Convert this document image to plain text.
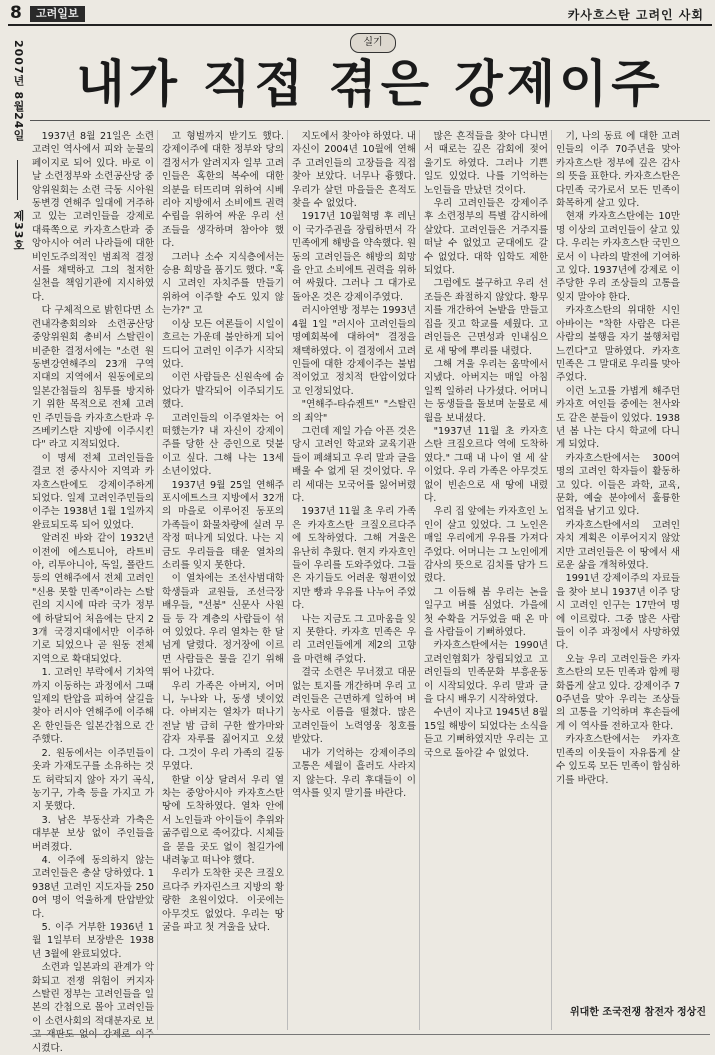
8	고려일보	카사흐스탄 고려인 사회
2007년 8월24일
제33호
실기
내가 직접 겪은 강제이주

1937년 8월 21일은 소련 고려인 역사에서 피와 눈물의 페이지로 되어 있다. 바로 이날 소련정부와 소련공산당 중앙위원회는 소련 극동 시아원동변경 연해주 일대에 거주하고 있는 고려인들을 강제로 대륙쪽으로 카자흐스탄과 중앙아시아 여러 나라들에 대한 비인도주의적인 범죄적 결정서를 채택하고 그의 철저한 실천을 책임기관에 지시하였다.

다 구체적으로 밝힌다면 소련내각총회의와 소련공산당 중앙위원회 총비서 스탈린이 비준한 결정서에는 "소련 원동변강연해주의 23개 구역 지대의 지역에서 원동에로의 일본간첩들의 침투를 방지하기 위한 목적으로 전체 고려인 주민들을 카자흐스탄과 우즈베키스탄 지방에 이주시킨다" 라고 지적되었다.

이 명세 전체 고려인들을 결코 전 중사시아 지역과 카자흐스탄에도 강제이주하게 되었다. 일제 고려인주민들의 이주는 1938년 1월 1일까지 완료되도록 되어 있었다.

알려진 바와 같이 1932년 이전에 에스토니아, 라트비아, 리투아니아, 독일, 폴란드 등의 연해주에서 전체 고려인 "신용 못할 민족"이라는 스탈린의 지시에 따라 국가 정부에 하달되어 처음에는 단지 23개 국경지대에서만 이주하기로 되었으나 곧 원동 전체 지역으로 확대되었다.

1. 고려인 부락에서 기차역까지 이동하는 과정에서 그때 일제의 탄압을 피하여 살길을 찾아 러시아 연해주에 이주해 온 한인들은 일본간첩으로 간주했다.

2. 원동에서는 이주민들이 옷과 가재도구를 소유하는 것도 허락되지 않아 자기 곡식, 농기구, 가축 등을 가지고 가지 못했다.

3. 남은 부동산과 가축은 대부분 보상 없이 주인들을 버려졌다.

4. 이주에 동의하지 않는 고려인들은 총살 당하였다. 1938년 고려인 지도자들 2500여 명이 억울하게 탄압받았다.

5. 이주 거부한 1936년 1월 1일부터 보장받은 1938년 3월에 완료되었다.

소련과 일본과의 관계가 악화되고 전쟁 위험이 커지자 스탈린 정부는 고려인들을 일본의 간첩으로 몰아 고려인들이 소련사회의 적대분자로 보 시켰다.

고 형벌까지 받기도 했다. 강제이주에 대한 정부와 당의 결정서가 알려지자 일부 고려인들은 혹한의 복수에 대한 의분을 터뜨리며 위하여 시베리아 지방에서 소비에트 권력 수립을 위하여 싸운 우리 선조들을 생각하며 참아야 했다.

그러나 소수 지식층에서는 승용 희망을 품기도 했다. "혹시 고려인 자치주를 만들기 위하여 이주할 수도 있지 않는가?" 고

이상 모든 여론들이 시일이 흐르는 가운데 불안하게 되어 드디어 고려인 이주가 시작되었다.

이런 사람들은 신원속에 숨었다가 발각되어 이주되기도 했다.

고려인들의 이주열차는 어떠했는가? 내 자신이 강제이주를 당한 산 증인으로 덧붙이고 싶다. 그해 나는 13세 소년이었다.

1937년 9월 25일 연해주 포시에트스크 지방에서 32개의 마을로 이루어진 동포의 가족들이 화물차량에 실려 무작정 떠나게 되었다. 나는 지금도 우리들을 태운 열차의 소리를 잊지 못한다.

이 열차에는 조선사범대학 학생들과 교원들, 조선극장 배우들, "선봉" 신문사 사원들 등 각 계층의 사람들이 섞여 있었다. 우리 열차는 한 달 넘게 달렸다. 정거장에 이르면 사람들은 물을 긷기 위해 뛰어 나갔다.

우리 가족은 아버지, 어머니, 누나와 나, 동생 넷이었다. 아버지는 열차가 떠나기 전날 밤 급히 구한 쌀가마와 감자 자루를 짊어지고 오셨다. 그것이 우리 가족의 길동무였다.

한달 이상 달려서 우리 열차는 중앙아시아 카자흐스탄 땅에 도착하였다. 열차 안에서 노인들과 아이들이 추위와 굶주림으로 죽어갔다. 시체들을 묻을 곳도 없이 철길가에 내려놓고 떠나야 했다.

우리가 도착한 곳은 크질오르다주 카자린스크 지방의 황량한 초원이었다. 이곳에는 아무것도 없었다. 우리는 땅굴을 파고 첫 겨울을 났다.

지도에서 찾아야 하였다. 내 자신이 2004년 10월에 연해주 고려인들의 고장들을 직접 찾아 보았다. 너무나 흉했다. 우리가 살던 마을들은 흔적도 찾을 수 없었다.

1917년 10월혁명 후 레닌이 국가주권을 장립하면서 각 민족에게 해방을 약속했다. 원동의 고려인들은 해방의 희망을 안고 소비에트 권력을 위하여 싸웠다. 그러나 그 대가로 돌아온 것은 강제이주였다.

러시아연방 정부는 1993년 4월 1일 "러시아 고려인들의 명예회복에 대하여" 결정을 채택하였다. 이 결정에서 고려인들에 대한 강제이주는 불법적이었고 정치적 탄압이었다고 인정되었다.

"연해주-타슈켄트" "스탈린의 죄악"

그런데 제일 가슴 아픈 것은 당시 고려인 학교와 교육기관들이 폐쇄되고 우리 말과 글을 배울 수 없게 된 것이었다. 우리 세대는 모국어를 잃어버렸다.

1937년 11월 초 우리 가족은 카자흐스탄 크질오르다주에 도착하였다. 그해 겨울은 유난히 추웠다. 현지 카자흐인들이 우리를 도와주었다. 그들은 자기들도 어려운 형편이었지만 빵과 우유를 나누어 주었다.

나는 지금도 그 고마움을 잊지 못한다. 카자흐 민족은 우리 고려인들에게 제2의 고향을 마련해 주었다.

결국 소련은 무너졌고 대문 없는 토지를 개간하며 우리 고려인들은 근면하게 일하여 벼농사로 이름을 떨쳤다. 많은 고려인들이 노력영웅 칭호를 받았다.

내가 기억하는 강제이주의 고통은 세월이 흘러도 사라지지 않는다. 우리 후대들이 이 역사를 잊지 말기를 바란다.

많은 흔적들을 찾아 다니면서 때로는 깊은 감회에 젖어 울기도 하였다. 그러나 기쁜 일도 있었다. 나를 기억하는 노인들을 만났던 것이다.

우리 고려인들은 강제이주 후 소련정부의 특별 감시하에 살았다. 고려인들은 거주지를 떠날 수 없었고 군대에도 갈 수 없었다. 대학 입학도 제한되었다.

그럼에도 불구하고 우리 선조들은 좌절하지 않았다. 황무지를 개간하여 논밭을 만들고 집을 짓고 학교를 세웠다. 고려인들은 근면성과 인내심으로 새 땅에 뿌리를 내렸다.

그해 겨울 우리는 움막에서 지냈다. 아버지는 매일 아침 일찍 일하러 나가셨다. 어머니는 동생들을 돌보며 눈물로 세월을 보내셨다.

"1937년 11월 초 카자흐스탄 크질오르다 역에 도착하였다." 그때 내 나이 열 세 살이었다. 우리 가족은 아무것도 없이 빈손으로 새 땅에 내렸다.

우리 집 앞에는 카자흐인 노인이 살고 있었다. 그 노인은 매일 우리에게 우유를 가져다 주었다. 어머니는 그 노인에게 감사의 뜻으로 김치를 담가 드렸다.

그 이듬해 봄 우리는 논을 일구고 벼를 심었다. 가을에 첫 수확을 거두었을 때 온 마을 사람들이 기뻐하였다.

카자흐스탄에서는 1990년 고려인협회가 창립되었고 고려인들의 민족문화 부흥운동이 시작되었다. 우리 말과 글을 다시 배우기 시작하였다.

수년이 지나고 1945년 8월 15일 해방이 되었다는 소식을 듣고 기뻐하였지만 우리는 고국으로 돌아갈 수 없었다.

기, 나의 동료 에 대한 고려인들의 이주 70주년을 맞아 카자흐스탄 정부에 깊은 감사의 뜻을 표한다. 카자흐스탄은 다민족 국가로서 모든 민족이 화목하게 살고 있다.

현재 카자흐스탄에는 10만 명 이상의 고려인들이 살고 있다. 우리는 카자흐스탄 국민으로서 이 나라의 발전에 기여하고 있다. 1937년에 강제로 이주당한 우리 조상들의 고통을 잊지 말아야 한다.

카자흐스탄의 위대한 시인 아바이는 "착한 사람은 다른 사람의 불행을 자기 불행처럼 느낀다"고 말하였다. 카자흐 민족은 그 말대로 우리를 맞아 주었다.

이런 노고를 가볍게 해주던 카자흐 여인들 중에는 천사와도 같은 분들이 있었다. 1938년 봄 나는 다시 학교에 다니게 되었다.

카자흐스탄에서는 300여 명의 고려인 학자들이 활동하고 있다. 이들은 과학, 교육, 문화, 예술 분야에서 훌륭한 업적을 남기고 있다.

카자흐스탄에서의 고려인 자치 계획은 이루어지지 않았지만 고려인들은 이 땅에서 새로운 삶을 개척하였다.

1991년 강제이주의 자료들을 찾아 보니 1937년 이주 당시 고려인 인구는 17만여 명에 이르렀다. 그중 많은 사람들이 이주 과정에서 사망하였다.

오늘 우리 고려인들은 카자흐스탄의 모든 민족과 함께 평화롭게 살고 있다. 강제이주 70주년을 맞아 우리는 조상들의 고통을 기억하며 후손들에게 이 역사를 전하고자 한다.

카자흐스탄에서는 카자흐 민족의 이웃들이 자유롭게 살 수 있도록 모든 민족이 합심하기를 바란다.

위대한 조국전쟁 참전자 정상진
